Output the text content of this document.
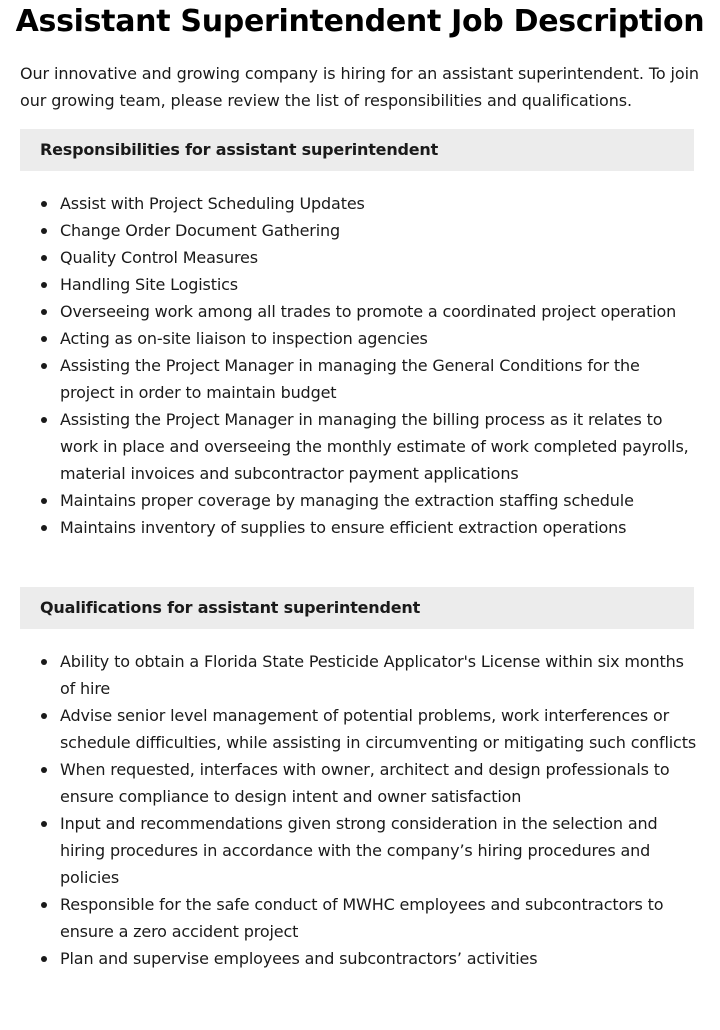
Assistant Superintendent Job Description

Our innovative and growing company is hiring for an assistant superintendent. To join our growing team, please review the list of responsibilities and qualifications.

Responsibilities for assistant superintendent
Assist with Project Scheduling Updates
Change Order Document Gathering
Quality Control Measures
Handling Site Logistics
Overseeing work among all trades to promote a coordinated project operation
Acting as on-site liaison to inspection agencies
Assisting the Project Manager in managing the General Conditions for the project in order to maintain budget
Assisting the Project Manager in managing the billing process as it relates to work in place and overseeing the monthly estimate of work completed payrolls, material invoices and subcontractor payment applications
Maintains proper coverage by managing the extraction staffing schedule
Maintains inventory of supplies to ensure efficient extraction operations
Qualifications for assistant superintendent
Ability to obtain a Florida State Pesticide Applicator's License within six months of hire
Advise senior level management of potential problems, work interferences or schedule difficulties, while assisting in circumventing or mitigating such conflicts
When requested, interfaces with owner, architect and design professionals to ensure compliance to design intent and owner satisfaction
Input and recommendations given strong consideration in the selection and hiring procedures in accordance with the company’s hiring procedures and policies
Responsible for the safe conduct of MWHC employees and subcontractors to ensure a zero accident project
Plan and supervise employees and subcontractors’ activities
